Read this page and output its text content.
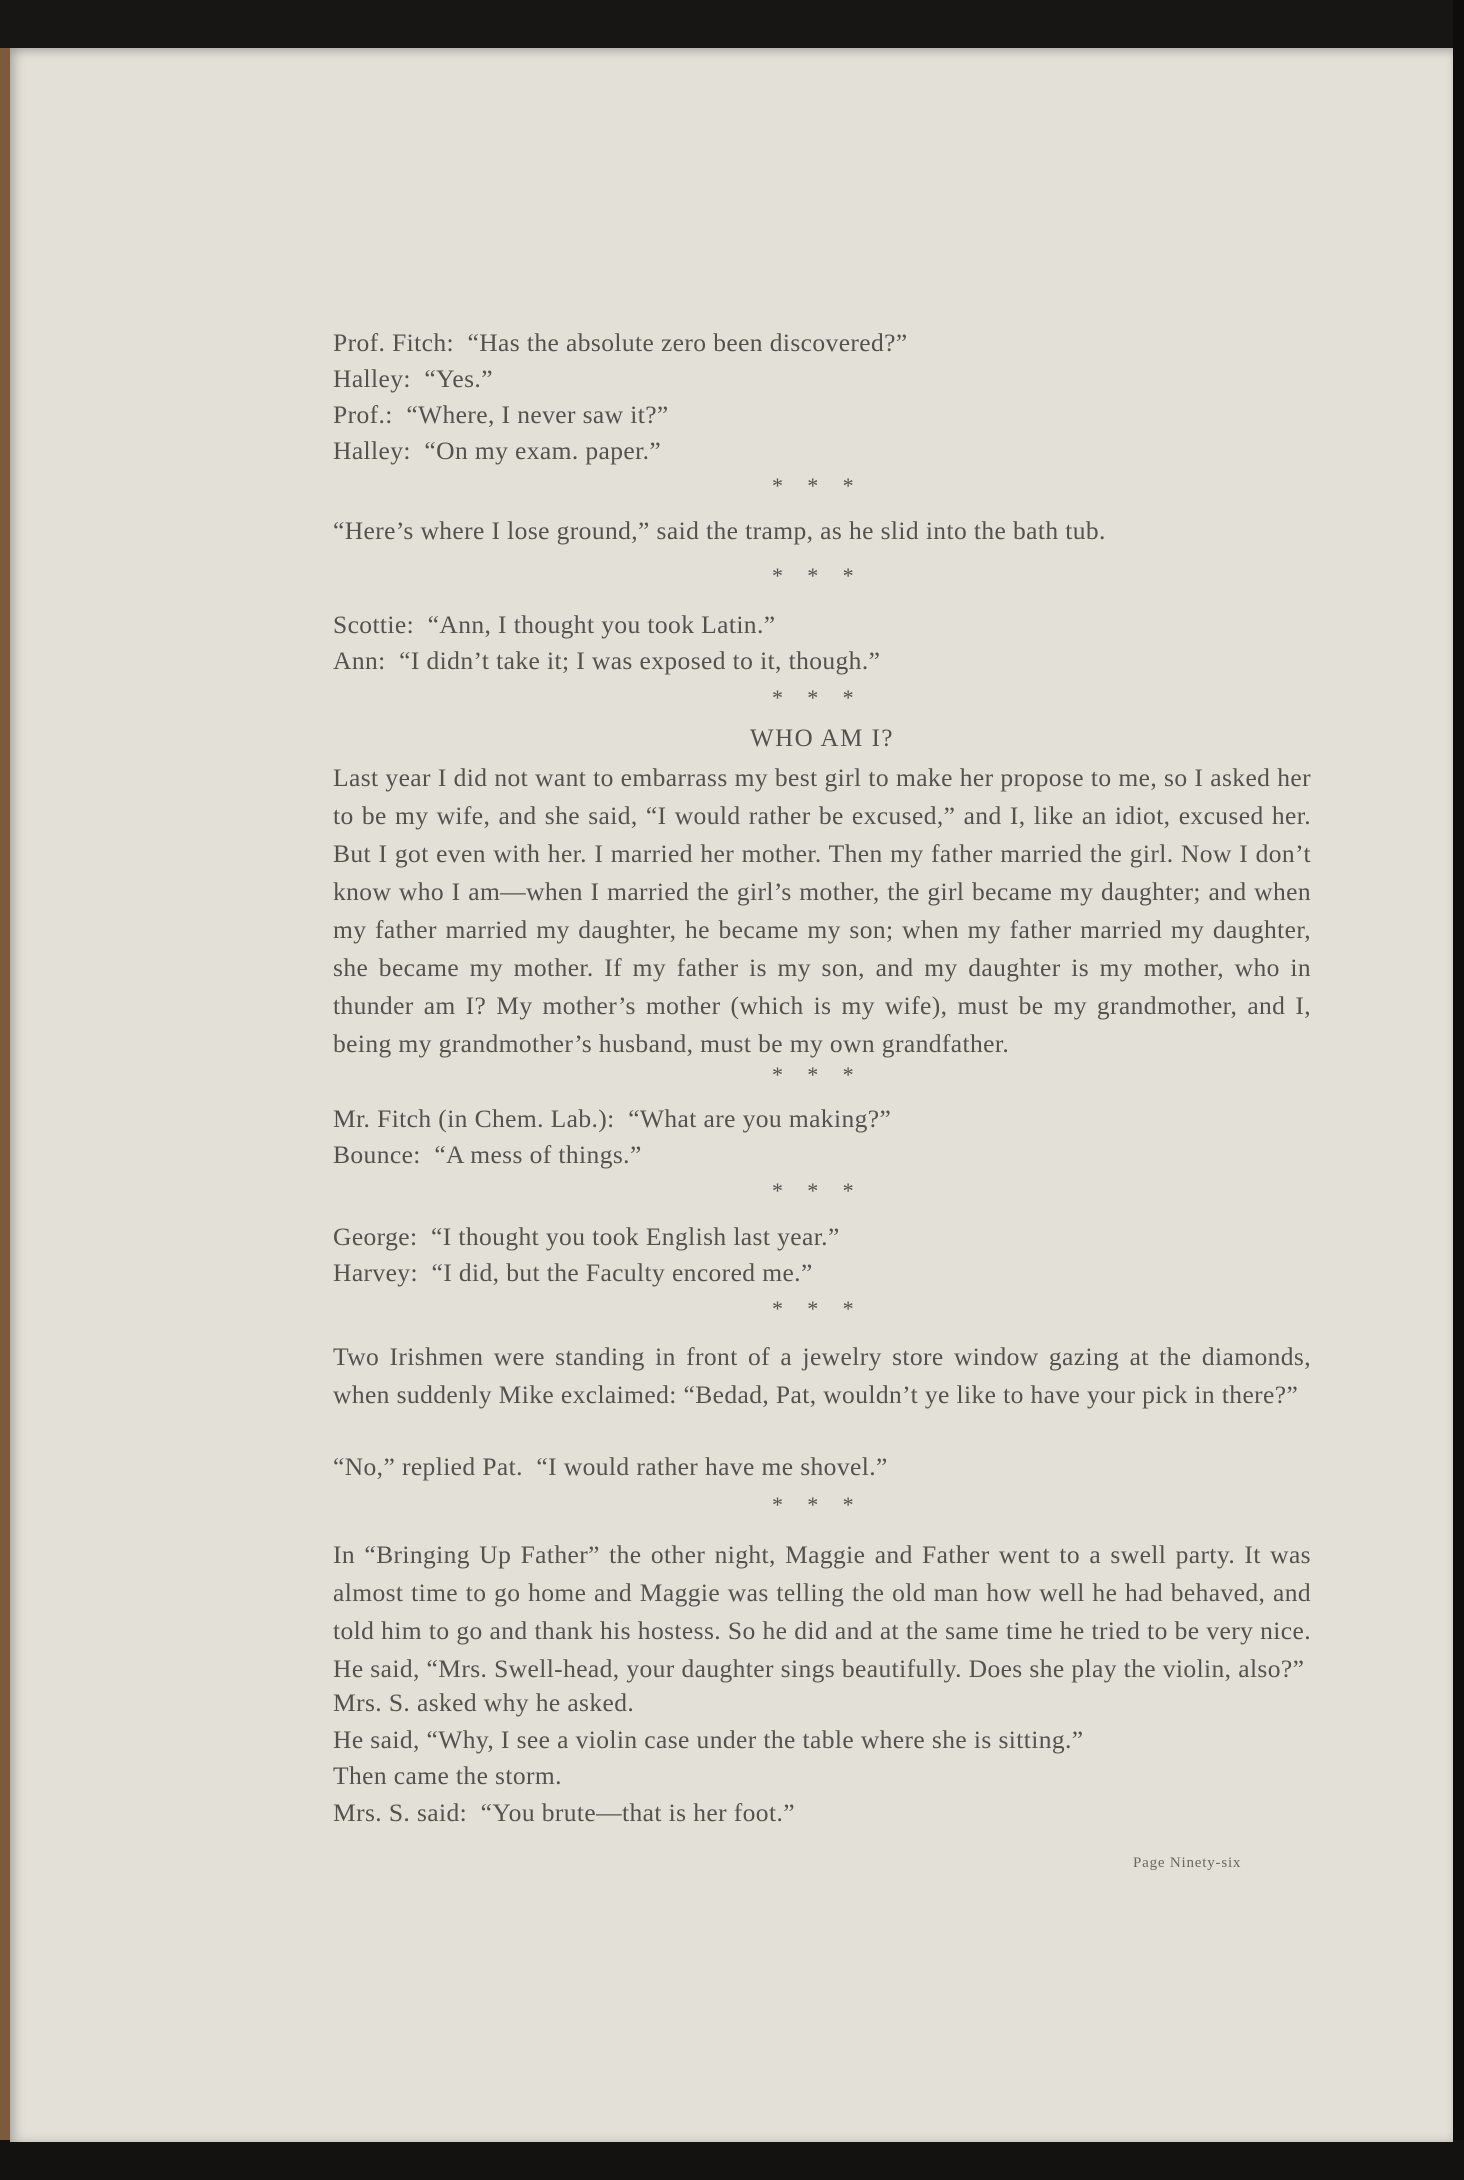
Prof. Fitch:  “Has the absolute zero been discovered?”
Halley:  “Yes.”
Prof.:  “Where, I never saw it?”
Halley:  “On my exam. paper.”
* * *
“Here’s where I lose ground,” said the tramp, as he slid into the bath tub.
* * *
Scottie:  “Ann, I thought you took Latin.”
Ann:  “I didn’t take it; I was exposed to it, though.”
* * *
WHO AM I?
Last year I did not want to embarrass my best girl to make her propose to me, so I asked her to be my wife, and she said, “I would rather be excused,” and I, like an idiot, excused her. But I got even with her. I married her mother. Then my father married the girl. Now I don’t know who I am—when I married the girl’s mother, the girl became my daughter; and when my father married my daughter, he became my son; when my father married my daughter, she became my mother. If my father is my son, and my daughter is my mother, who in thunder am I? My mother’s mother (which is my wife), must be my grandmother, and I, being my grandmother’s husband, must be my own grandfather.
* * *
Mr. Fitch (in Chem. Lab.):  “What are you making?”
Bounce:  “A mess of things.”
* * *
George:  “I thought you took English last year.”
Harvey:  “I did, but the Faculty encored me.”
* * *
Two Irishmen were standing in front of a jewelry store window gazing at the diamonds, when suddenly Mike exclaimed: “Bedad, Pat, wouldn’t ye like to have your pick in there?”
“No,” replied Pat.  “I would rather have me shovel.”
* * *
In “Bringing Up Father” the other night, Maggie and Father went to a swell party. It was almost time to go home and Maggie was telling the old man how well he had behaved, and told him to go and thank his hostess. So he did and at the same time he tried to be very nice. He said, “Mrs. Swell-head, your daughter sings beautifully. Does she play the violin, also?”
Mrs. S. asked why he asked.
He said, “Why, I see a violin case under the table where she is sitting.”
Then came the storm.
Mrs. S. said:  “You brute—that is her foot.”
Page Ninety-six
